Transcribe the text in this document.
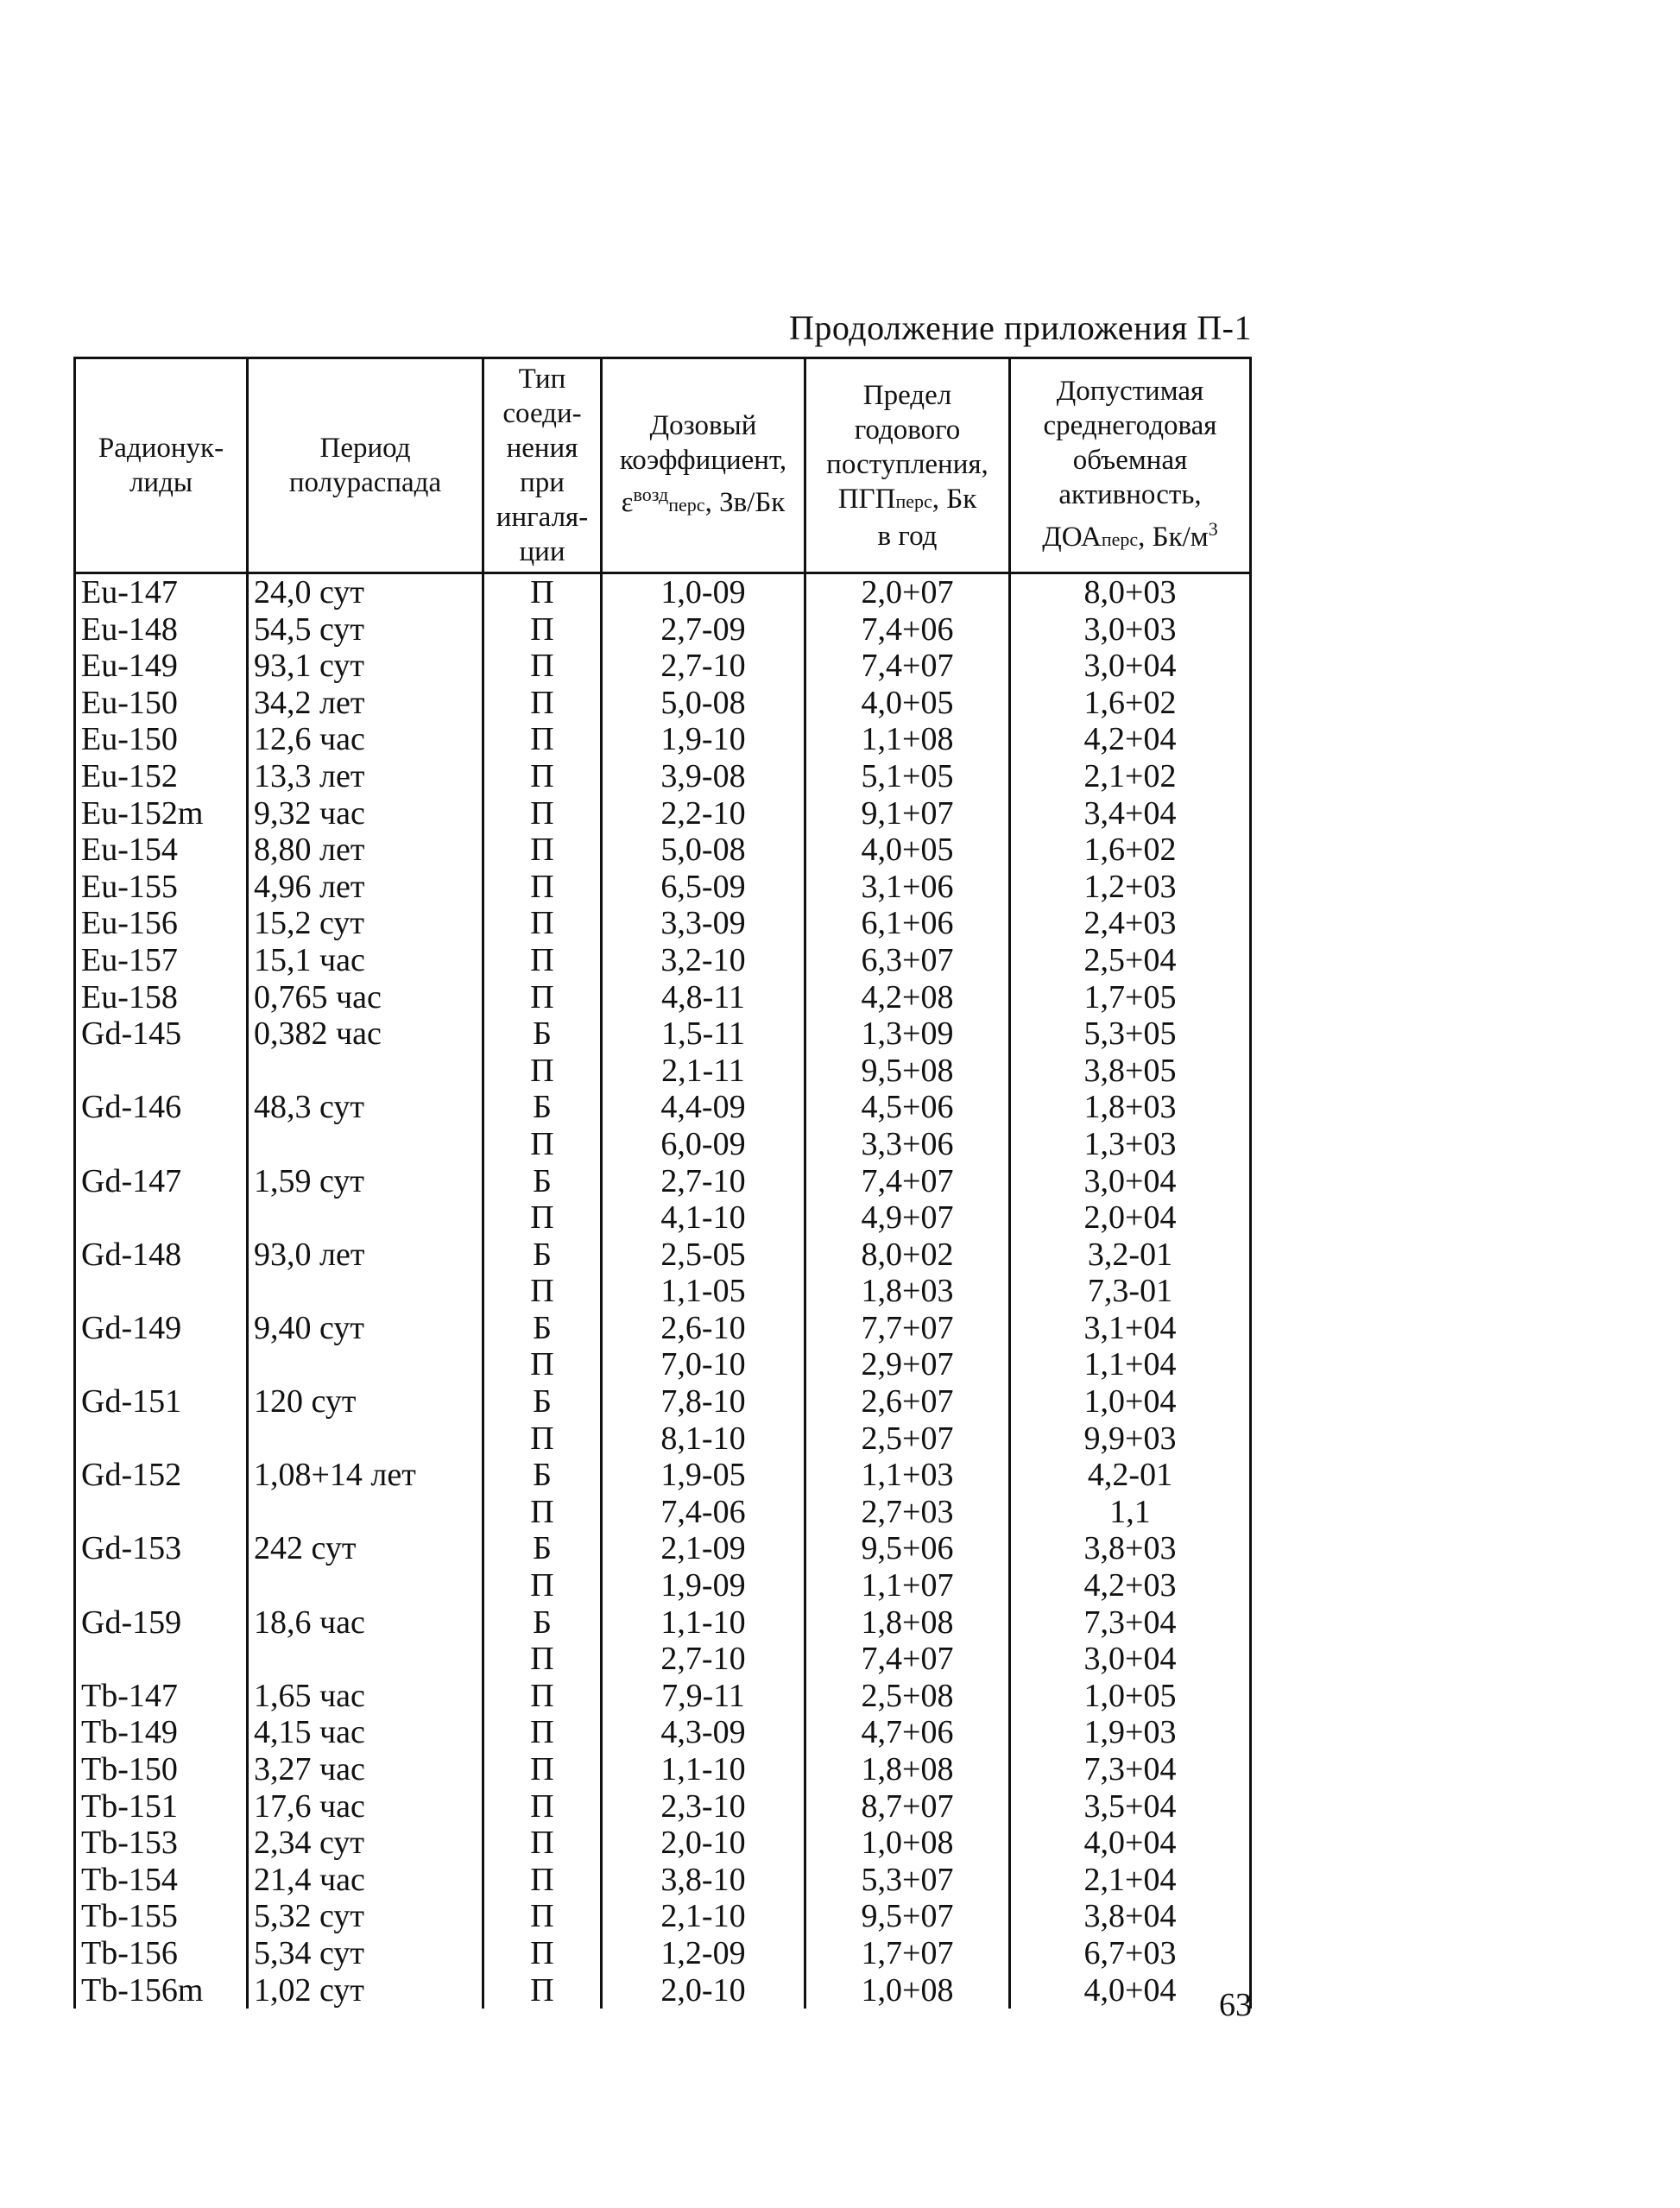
Продолжение приложения П-1
Радионук-лиды	Период полураспада	Тип соеди-нения при ингаля-ции	Дозовый
коэффициент,
$\varepsilon^{возд}перс$, Зв/Бк	Предел
годового
поступления,
ПГПперс, Бк
в год	Допустимая
среднегодовая
объемная
активность,
ДОАперс, $Бк/м^3$
Eu-147	24,0 сут	П	1,0-09	2,0+07	8,0+03
Eu-148	54,5 сут	П	2,7-09	7,4+06	3,0+03
Eu-149	93,1 сут	П	2,7-10	7,4+07	3,0+04
Eu-150	34,2 лет	П	5,0-08	4,0+05	1,6+02
Eu-150	12,6 час	П	1,9-10	1,1+08	4,2+04
Eu-152	13,3 лет	П	3,9-08	5,1+05	2,1+02
Eu-152m	9,32 час	П	2,2-10	9,1+07	3,4+04
Eu-154	8,80 лет	П	5,0-08	4,0+05	1,6+02
Eu-155	4,96 лет	П	6,5-09	3,1+06	1,2+03
Eu-156	15,2 сут	П	3,3-09	6,1+06	2,4+03
Eu-157	15,1 час	П	3,2-10	6,3+07	2,5+04
Eu-158	0,765 час	П	4,8-11	4,2+08	1,7+05
Gd-145	0,382 час	Б	1,5-11	1,3+09	5,3+05
		П	2,1-11	9,5+08	3,8+05
Gd-146	48,3 сут	Б	4,4-09	4,5+06	1,8+03
		П	6,0-09	3,3+06	1,3+03
Gd-147	1,59 сут	Б	2,7-10	7,4+07	3,0+04
		П	4,1-10	4,9+07	2,0+04
Gd-148	93,0 лет	Б	2,5-05	8,0+02	3,2-01
		П	1,1-05	1,8+03	7,3-01
Gd-149	9,40 сут	Б	2,6-10	7,7+07	3,1+04
		П	7,0-10	2,9+07	1,1+04
Gd-151	120 сут	Б	7,8-10	2,6+07	1,0+04
		П	8,1-10	2,5+07	9,9+03
Gd-152	1,08+14 лет	Б	1,9-05	1,1+03	4,2-01
		П	7,4-06	2,7+03	1,1
Gd-153	242 сут	Б	2,1-09	9,5+06	3,8+03
		П	1,9-09	1,1+07	4,2+03
Gd-159	18,6 час	Б	1,1-10	1,8+08	7,3+04
		П	2,7-10	7,4+07	3,0+04
Tb-147	1,65 час	П	7,9-11	2,5+08	1,0+05
Tb-149	4,15 час	П	4,3-09	4,7+06	1,9+03
Tb-150	3,27 час	П	1,1-10	1,8+08	7,3+04
Tb-151	17,6 час	П	2,3-10	8,7+07	3,5+04
Tb-153	2,34 сут	П	2,0-10	1,0+08	4,0+04
Tb-154	21,4 час	П	3,8-10	5,3+07	2,1+04
Tb-155	5,32 сут	П	2,1-10	9,5+07	3,8+04
Tb-156	5,34 сут	П	1,2-09	1,7+07	6,7+03
Tb-156m	1,02 сут	П	2,0-10	1,0+08	4,0+04	63
